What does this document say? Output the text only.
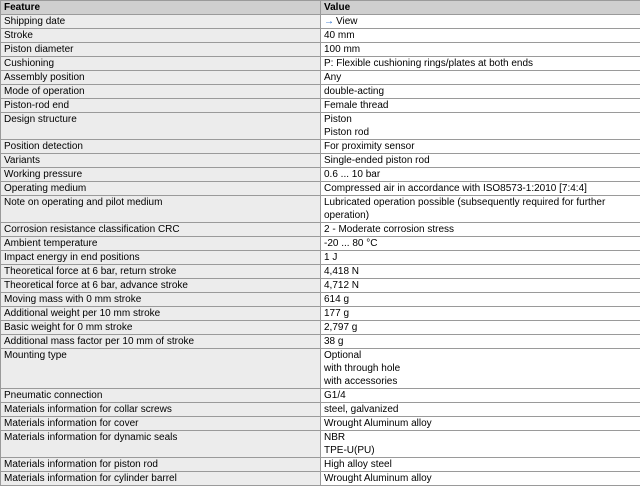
Feature	Value
Shipping date	→ View
Stroke	40 mm

Piston diameter	100 mm

Cushioning	P: Flexible cushioning rings/plates at both ends

Assembly position	Any

Mode of operation	double-acting

Piston-rod end	Female thread

Design structure	Piston
Piston rod

Position detection	For proximity sensor

Variants	Single-ended piston rod

Working pressure	0.6 ... 10 bar

Operating medium	Compressed air in accordance with ISO8573-1:2010 [7:4:4]

Note on operating and pilot medium	Lubricated operation possible (subsequently required for further
operation)

Corrosion resistance classification CRC	2 - Moderate corrosion stress

Ambient temperature	-20 ... 80 °C

Impact energy in end positions	1 J

Theoretical force at 6 bar, return stroke	4,418 N

Theoretical force at 6 bar, advance stroke	4,712 N

Moving mass with 0 mm stroke	614 g

Additional weight per 10 mm stroke	177 g

Basic weight for 0 mm stroke	2,797 g

Additional mass factor per 10 mm of stroke	38 g

Mounting type	Optional
with through hole
with accessories

Pneumatic connection	G1/4

Materials information for collar screws	steel, galvanized

Materials information for cover	Wrought Aluminum alloy

Materials information for dynamic seals	NBR
TPE-U(PU)

Materials information for piston rod	High alloy steel

Materials information for cylinder barrel	Wrought Aluminum alloy
